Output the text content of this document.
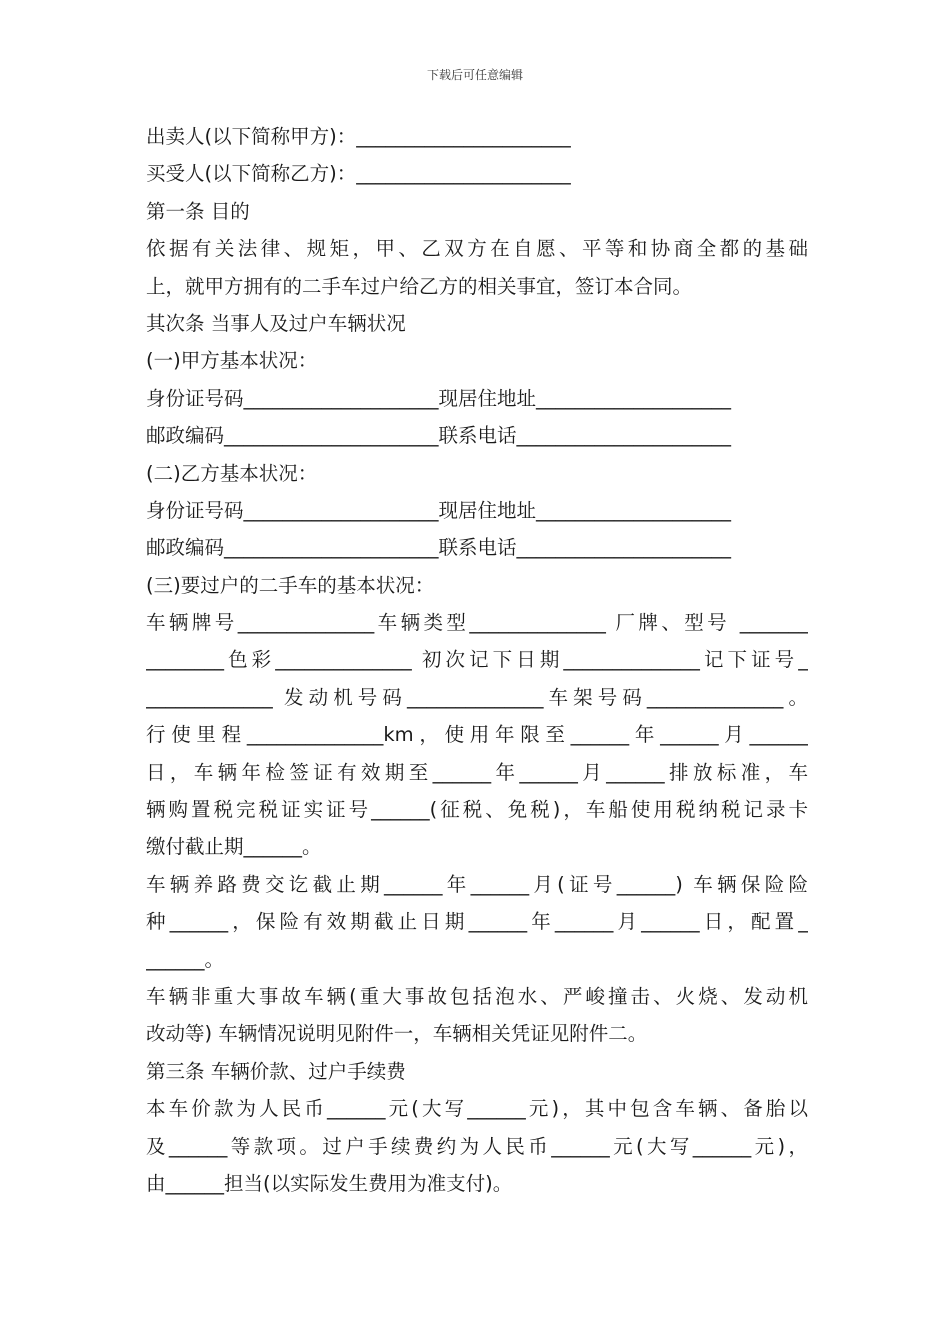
下载后可任意编辑
出卖人(以下简称甲方)：______________________
买受人(以下简称乙方)：______________________
第一条 目的
依据有关法律、规矩，甲、乙双方在自愿、平等和协商全都的基础
上，就甲方拥有的二手车过户给乙方的相关事宜，签订本合同。
其次条 当事人及过户车辆状况
(一)甲方基本状况：
身份证号码____________________现居住地址____________________
邮政编码______________________联系电话______________________
(二)乙方基本状况：
身份证号码____________________现居住地址____________________
邮政编码______________________联系电话______________________
(三)要过户的二手车的基本状况：
车辆牌号______________车辆类型______________ 厂牌、型号 _______
________色彩______________ 初次记下日期______________记下证号_
_____________ 发动机号码______________车架号码______________。
行使里程______________km，使用年限至______年______月______
日，车辆年检签证有效期至______年______月______排放标准，车
辆购置税完税证实证号______(征税、免税)，车船使用税纳税记录卡
缴付截止期______。
车辆养路费交讫截止期______年______月(证号______) 车辆保险险
种______，保险有效期截止日期______年______月______日，配置_
______。
车辆非重大事故车辆(重大事故包括泡水、严峻撞击、火烧、发动机
改动等) 车辆情况说明见附件一，车辆相关凭证见附件二。
第三条 车辆价款、过户手续费
本车价款为人民币______元(大写______元)，其中包含车辆、备胎以
及______等款项。过户手续费约为人民币______元(大写______元)，
由______担当(以实际发生费用为准支付)。
